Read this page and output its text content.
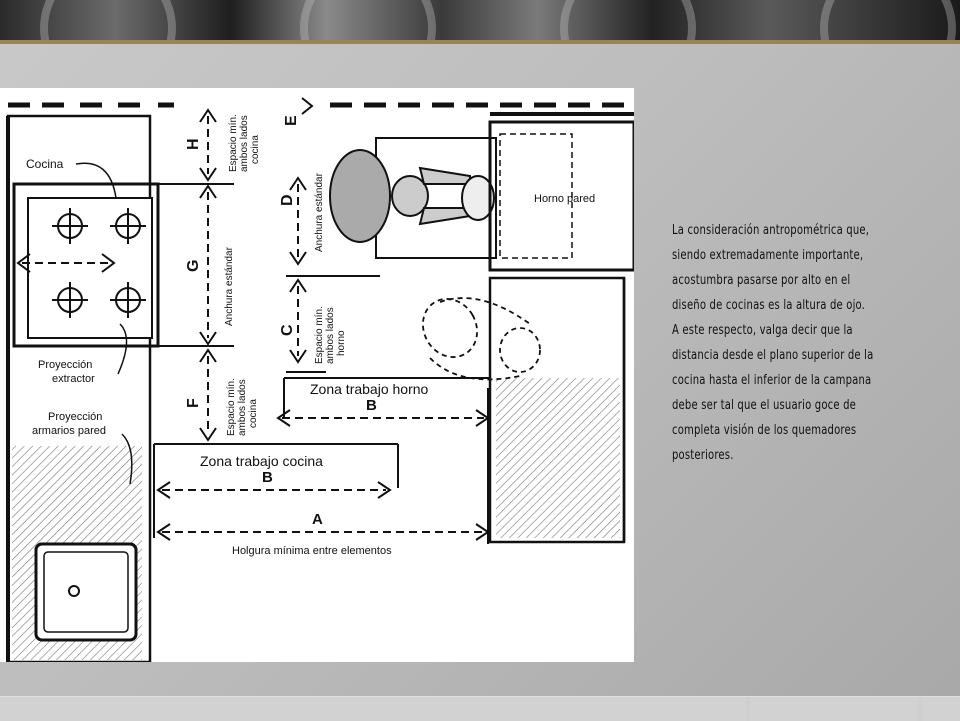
Cocina
Proyección extractor
Proyección armarios pared
H
G
F
D
C
E
Espacio mín. ambos lados cocina
Anchura estándar
Espacio mín. ambos lados cocina
Anchura estándar
Espacio mín. ambos lados horno
Horno pared
Zona trabajo horno
B
Zona trabajo cocina
B
A
Holgura mínima entre elementos
La consideración antropométrica que,
siendo extremadamente importante,
acostumbra pasarse por alto en el
diseño de cocinas es la altura de ojo.
A este respecto, valga decir que la
distancia desde el plano superior de la
cocina hasta el inferior de la campana
debe ser tal que el usuario goce de
completa visión de los quemadores
posteriores.
